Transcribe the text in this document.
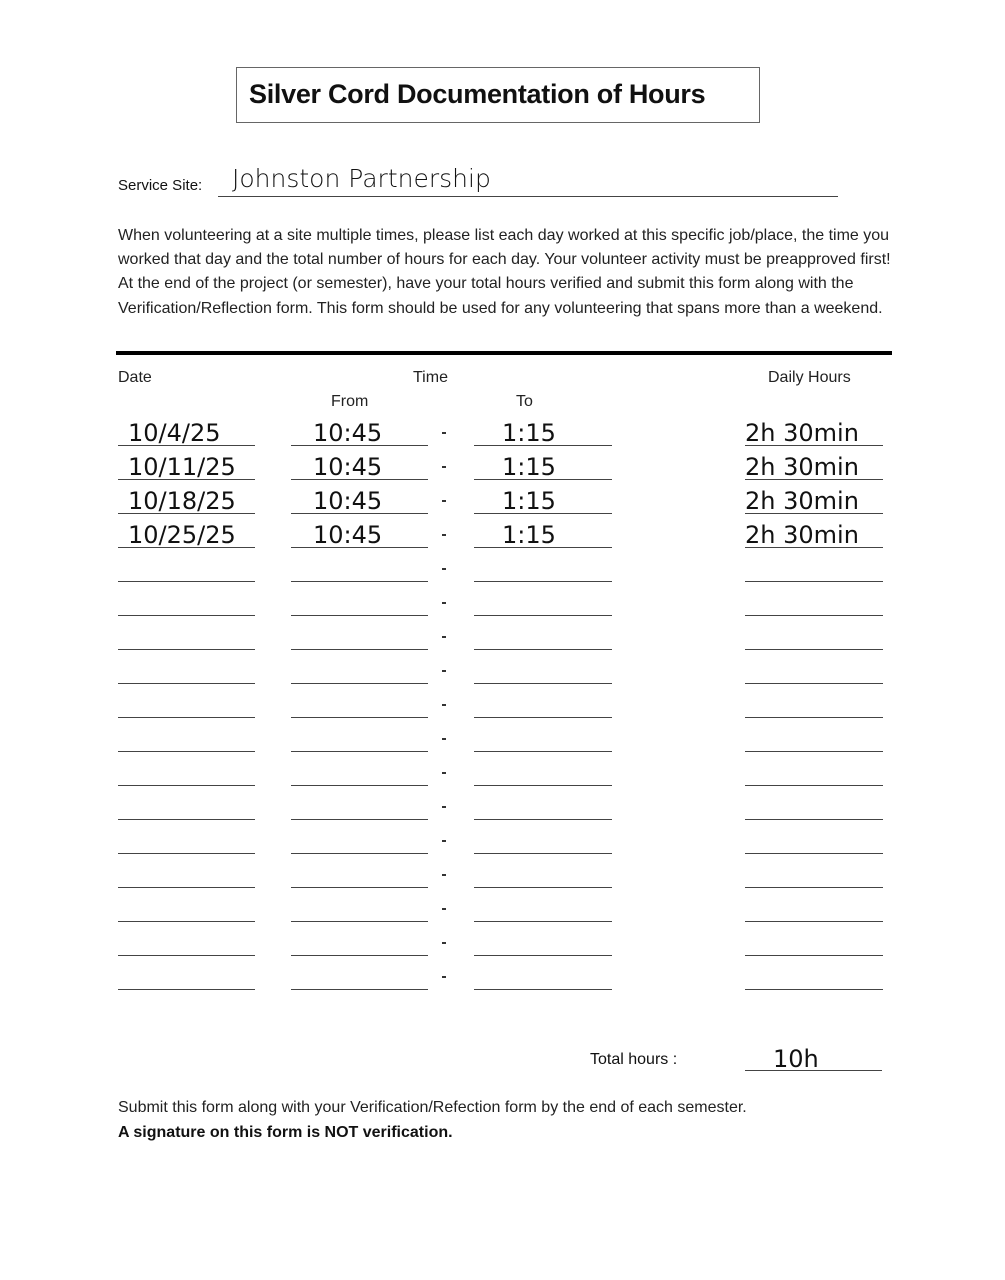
Silver Cord Documentation of Hours
Service Site: Johnston Partnership
When volunteering at a site multiple times, please list each day worked at this specific job/place, the time you worked that day and the total number of hours for each day. Your volunteer activity must be preapproved first! At the end of the project (or semester), have your total hours verified and submit this form along with the Verification/Reflection form. This form should be used for any volunteering that spans more than a weekend.
Date	Time
From	To
Daily Hours
10/4/25	10:45	1:15	2h 30min
10/11/25	10:45	1:15	2h 30min
10/18/25	10:45	1:15	2h 30min
10/25/25	10:45	1:15	2h 30min
Total hours :	10h
Submit this form along with your Verification/Refection form by the end of each semester.
A signature on this form is NOT verification.
